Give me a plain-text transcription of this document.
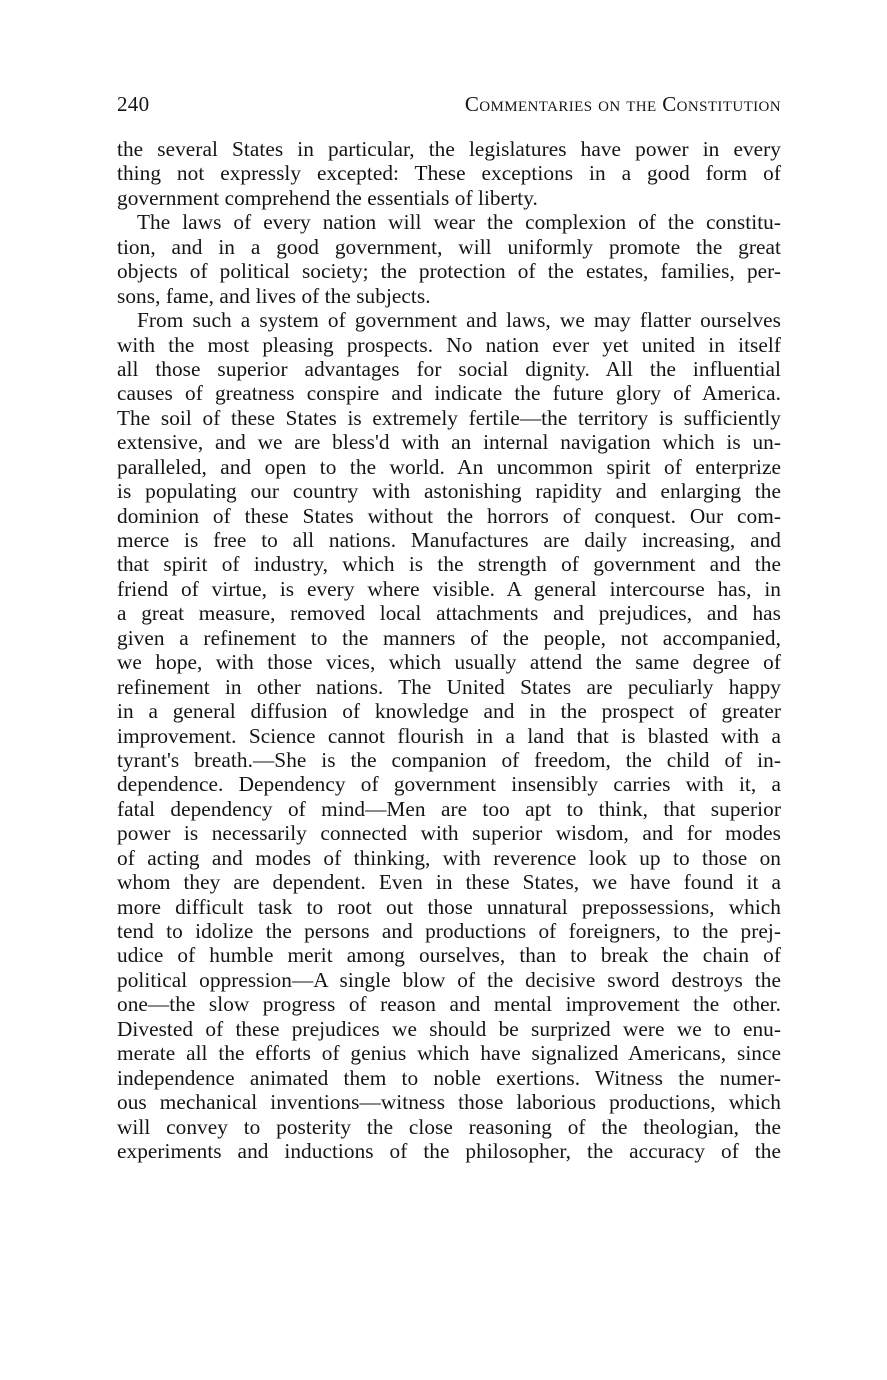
240	Commentaries on the Constitution
the several States in particular, the legislatures have power in every
thing not expressly excepted: These exceptions in a good form of
government comprehend the essentials of liberty.
The laws of every nation will wear the complexion of the constitu-
tion, and in a good government, will uniformly promote the great
objects of political society; the protection of the estates, families, per-
sons, fame, and lives of the subjects.
From such a system of government and laws, we may flatter ourselves
with the most pleasing prospects. No nation ever yet united in itself
all those superior advantages for social dignity. All the influential
causes of greatness conspire and indicate the future glory of America.
The soil of these States is extremely fertile—the territory is sufficiently
extensive, and we are bless'd with an internal navigation which is un-
paralleled, and open to the world. An uncommon spirit of enterprize
is populating our country with astonishing rapidity and enlarging the
dominion of these States without the horrors of conquest. Our com-
merce is free to all nations. Manufactures are daily increasing, and
that spirit of industry, which is the strength of government and the
friend of virtue, is every where visible. A general intercourse has, in
a great measure, removed local attachments and prejudices, and has
given a refinement to the manners of the people, not accompanied,
we hope, with those vices, which usually attend the same degree of
refinement in other nations. The United States are peculiarly happy
in a general diffusion of knowledge and in the prospect of greater
improvement. Science cannot flourish in a land that is blasted with a
tyrant's breath.—She is the companion of freedom, the child of in-
dependence. Dependency of government insensibly carries with it, a
fatal dependency of mind—Men are too apt to think, that superior
power is necessarily connected with superior wisdom, and for modes
of acting and modes of thinking, with reverence look up to those on
whom they are dependent. Even in these States, we have found it a
more difficult task to root out those unnatural prepossessions, which
tend to idolize the persons and productions of foreigners, to the prej-
udice of humble merit among ourselves, than to break the chain of
political oppression—A single blow of the decisive sword destroys the
one—the slow progress of reason and mental improvement the other.
Divested of these prejudices we should be surprized were we to enu-
merate all the efforts of genius which have signalized Americans, since
independence animated them to noble exertions. Witness the numer-
ous mechanical inventions—witness those laborious productions, which
will convey to posterity the close reasoning of the theologian, the
experiments and inductions of the philosopher, the accuracy of the
